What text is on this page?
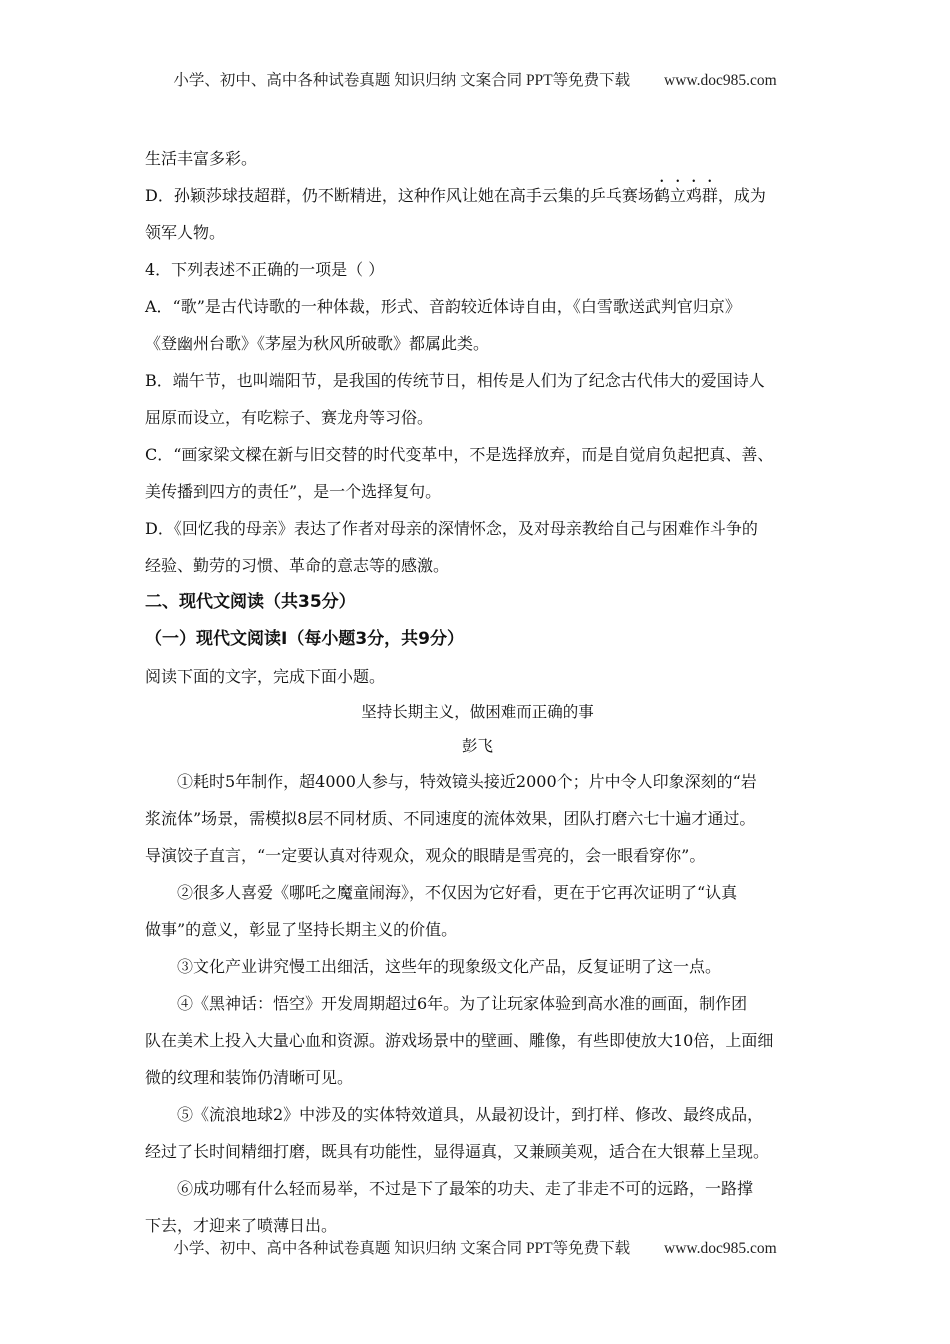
小学、初中、高中各种试卷真题 知识归纳 文案合同 PPT等免费下载 www.doc985.com

生活丰富多彩。

D．孙颖莎球技超群，仍不断精进，这种作风让她在高手云集的乒乓赛场鹤立鸡群，成为

领军人物。

4．下列表述不正确的一项是（ ）

A．“歌”是古代诗歌的一种体裁，形式、音韵较近体诗自由，《白雪歌送武判官归京》

《登幽州台歌》《茅屋为秋风所破歌》都属此类。

B．端午节，也叫端阳节，是我国的传统节日，相传是人们为了纪念古代伟大的爱国诗人

屈原而设立，有吃粽子、赛龙舟等习俗。

C．“画家梁文樑在新与旧交替的时代变革中，不是选择放弃，而是自觉肩负起把真、善、

美传播到四方的责任”，是一个选择复句。

D．《回忆我的母亲》表达了作者对母亲的深情怀念，及对母亲教给自己与困难作斗争的

经验、勤劳的习惯、革命的意志等的感激。

二、现代文阅读（共35分）

（一）现代文阅读Ⅰ（每小题3分，共9分）

阅读下面的文字，完成下面小题。

坚持长期主义，做困难而正确的事

彭飞

①耗时5年制作，超4000人参与，特效镜头接近2000个；片中令人印象深刻的“岩
浆流体”场景，需模拟8层不同材质、不同速度的流体效果，团队打磨六七十遍才通过。
导演饺子直言，“一定要认真对待观众，观众的眼睛是雪亮的，会一眼看穿你”。
②很多人喜爱《哪吒之魔童闹海》，不仅因为它好看，更在于它再次证明了“认真
做事”的意义，彰显了坚持长期主义的价值。
③文化产业讲究慢工出细活，这些年的现象级文化产品，反复证明了这一点。
④《黑神话：悟空》开发周期超过6年。为了让玩家体验到高水准的画面，制作团
队在美术上投入大量心血和资源。游戏场景中的壁画、雕像，有些即使放大10倍，上面细
微的纹理和装饰仍清晰可见。
⑤《流浪地球2》中涉及的实体特效道具，从最初设计，到打样、修改、最终成品，
经过了长时间精细打磨，既具有功能性，显得逼真，又兼顾美观，适合在大银幕上呈现。
⑥成功哪有什么轻而易举，不过是下了最笨的功夫、走了非走不可的远路，一路撑
下去，才迎来了喷薄日出。
小学、初中、高中各种试卷真题 知识归纳 文案合同 PPT等免费下载 www.doc985.com
